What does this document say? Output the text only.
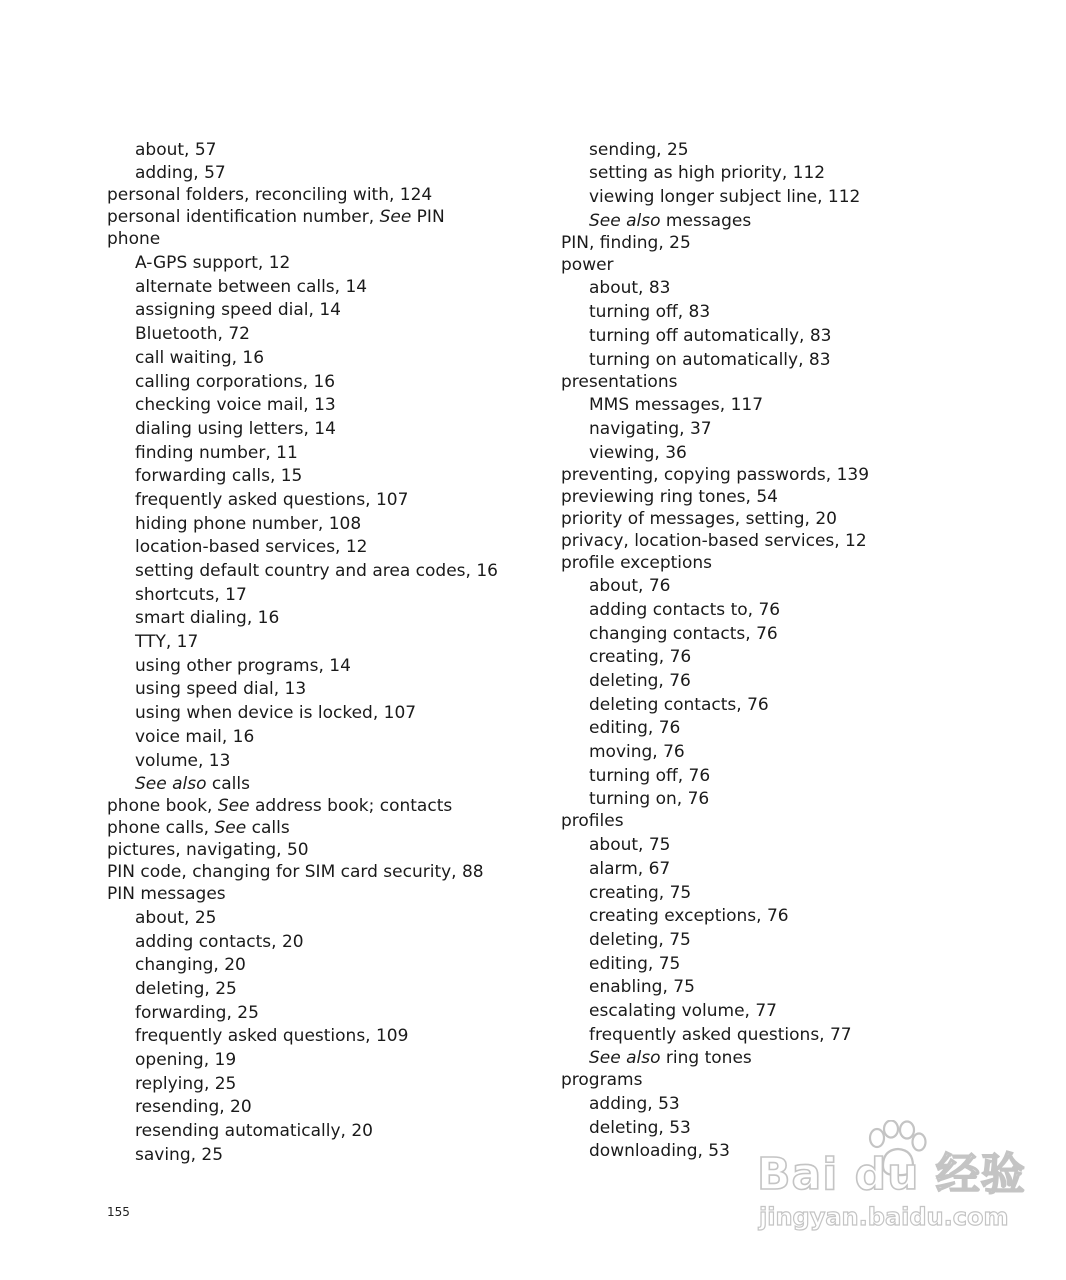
about, 57
adding, 57
personal folders, reconciling with, 124
personal identification number, See PIN
phone
A-GPS support, 12
alternate between calls, 14
assigning speed dial, 14
Bluetooth, 72
call waiting, 16
calling corporations, 16
checking voice mail, 13
dialing using letters, 14
finding number, 11
forwarding calls, 15
frequently asked questions, 107
hiding phone number, 108
location-based services, 12
setting default country and area codes, 16
shortcuts, 17
smart dialing, 16
TTY, 17
using other programs, 14
using speed dial, 13
using when device is locked, 107
voice mail, 16
volume, 13
See also calls
phone book, See address book; contacts
phone calls, See calls
pictures, navigating, 50
PIN code, changing for SIM card security, 88
PIN messages
about, 25
adding contacts, 20
changing, 20
deleting, 25
forwarding, 25
frequently asked questions, 109
opening, 19
replying, 25
resending, 20
resending automatically, 20
saving, 25
sending, 25
setting as high priority, 112
viewing longer subject line, 112
See also messages
PIN, finding, 25
power
about, 83
turning off, 83
turning off automatically, 83
turning on automatically, 83
presentations
MMS messages, 117
navigating, 37
viewing, 36
preventing, copying passwords, 139
previewing ring tones, 54
priority of messages, setting, 20
privacy, location-based services, 12
profile exceptions
about, 76
adding contacts to, 76
changing contacts, 76
creating, 76
deleting, 76
deleting contacts, 76
editing, 76
moving, 76
turning off, 76
turning on, 76
profiles
about, 75
alarm, 67
creating, 75
creating exceptions, 76
deleting, 75
editing, 75
enabling, 75
escalating volume, 77
frequently asked questions, 77
See also ring tones
programs
adding, 53
deleting, 53
downloading, 53
155
Bai du 经验
jingyan.baidu.com
